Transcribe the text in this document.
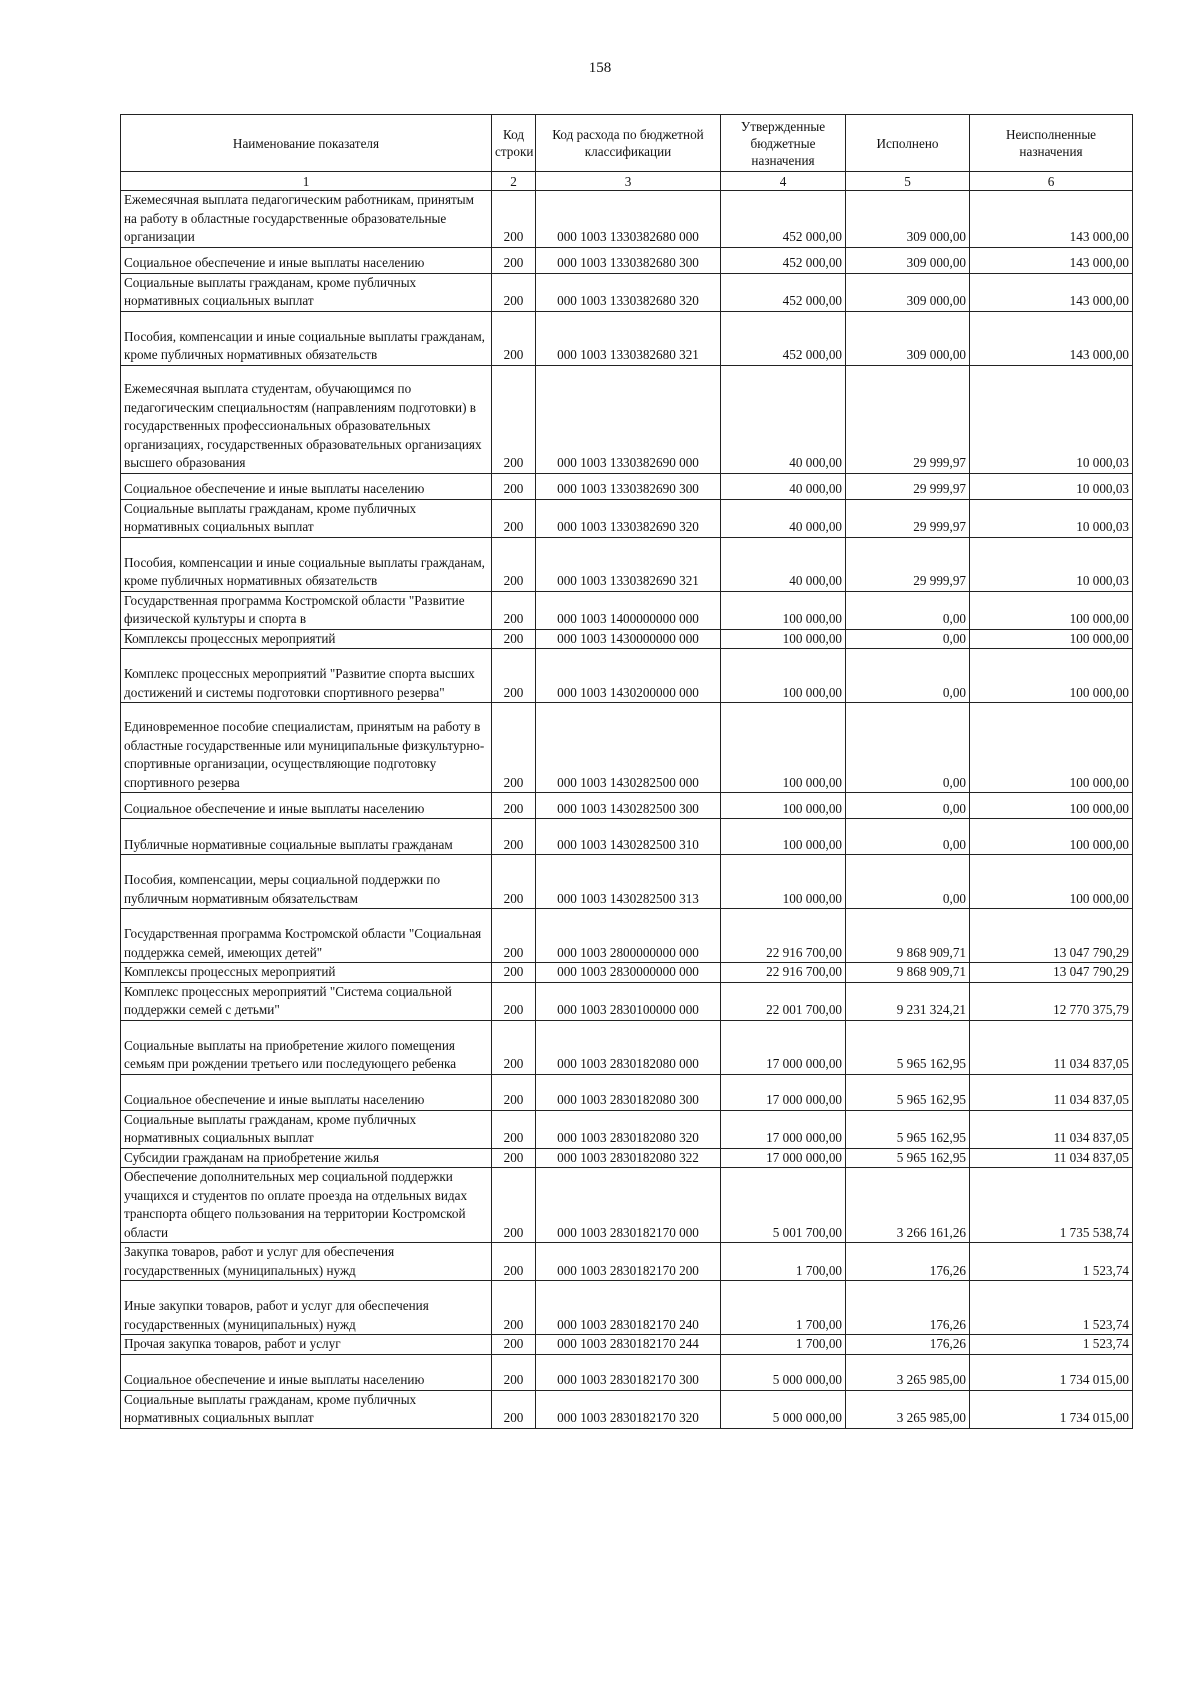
158
Наименование показателя	Код строки	Код расхода по бюджетной классификации	Утвержденные бюджетные назначения	Исполнено	Неисполненные назначения
1	2	3	4	5	6
Ежемесячная выплата педагогическим работникам, принятым на работу в областные государственные образовательные организации	200	000 1003 1330382680 000	452 000,00	309 000,00	143 000,00
Социальное обеспечение и иные выплаты населению	200	000 1003 1330382680 300	452 000,00	309 000,00	143 000,00
Социальные выплаты гражданам, кроме публичных нормативных социальных выплат	200	000 1003 1330382680 320	452 000,00	309 000,00	143 000,00
Пособия, компенсации и иные социальные выплаты гражданам, кроме публичных нормативных обязательств	200	000 1003 1330382680 321	452 000,00	309 000,00	143 000,00
Ежемесячная выплата студентам, обучающимся по педагогическим специальностям (направлениям подготовки) в государственных профессиональных образовательных организациях, государственных образовательных организациях высшего образования	200	000 1003 1330382690 000	40 000,00	29 999,97	10 000,03
Социальное обеспечение и иные выплаты населению	200	000 1003 1330382690 300	40 000,00	29 999,97	10 000,03
Социальные выплаты гражданам, кроме публичных нормативных социальных выплат	200	000 1003 1330382690 320	40 000,00	29 999,97	10 000,03
Пособия, компенсации и иные социальные выплаты гражданам, кроме публичных нормативных обязательств	200	000 1003 1330382690 321	40 000,00	29 999,97	10 000,03
Государственная программа Костромской области "Развитие физической культуры и спорта в	200	000 1003 1400000000 000	100 000,00	0,00	100 000,00
Комплексы процессных мероприятий	200	000 1003 1430000000 000	100 000,00	0,00	100 000,00
Комплекс процессных мероприятий "Развитие спорта высших достижений и системы подготовки спортивного резерва"	200	000 1003 1430200000 000	100 000,00	0,00	100 000,00
Единовременное пособие специалистам, принятым на работу в областные государственные или муниципальные физкультурно-спортивные организации, осуществляющие подготовку спортивного резерва	200	000 1003 1430282500 000	100 000,00	0,00	100 000,00
Социальное обеспечение и иные выплаты населению	200	000 1003 1430282500 300	100 000,00	0,00	100 000,00
Публичные нормативные социальные выплаты гражданам	200	000 1003 1430282500 310	100 000,00	0,00	100 000,00
Пособия, компенсации, меры социальной поддержки по публичным нормативным обязательствам	200	000 1003 1430282500 313	100 000,00	0,00	100 000,00
Государственная программа Костромской области "Социальная поддержка семей, имеющих детей"	200	000 1003 2800000000 000	22 916 700,00	9 868 909,71	13 047 790,29
Комплексы процессных мероприятий	200	000 1003 2830000000 000	22 916 700,00	9 868 909,71	13 047 790,29
Комплекс процессных мероприятий "Система социальной поддержки семей с детьми"	200	000 1003 2830100000 000	22 001 700,00	9 231 324,21	12 770 375,79
Социальные выплаты на приобретение жилого помещения семьям при рождении третьего или последующего ребенка	200	000 1003 2830182080 000	17 000 000,00	5 965 162,95	11 034 837,05
Социальное обеспечение и иные выплаты населению	200	000 1003 2830182080 300	17 000 000,00	5 965 162,95	11 034 837,05
Социальные выплаты гражданам, кроме публичных нормативных социальных выплат	200	000 1003 2830182080 320	17 000 000,00	5 965 162,95	11 034 837,05
Субсидии гражданам на приобретение жилья	200	000 1003 2830182080 322	17 000 000,00	5 965 162,95	11 034 837,05
Обеспечение дополнительных мер социальной поддержки учащихся и студентов по оплате проезда на отдельных видах транспорта общего пользования на территории Костромской области	200	000 1003 2830182170 000	5 001 700,00	3 266 161,26	1 735 538,74
Закупка товаров, работ и услуг для обеспечения государственных (муниципальных) нужд	200	000 1003 2830182170 200	1 700,00	176,26	1 523,74
Иные закупки товаров, работ и услуг для обеспечения государственных (муниципальных) нужд	200	000 1003 2830182170 240	1 700,00	176,26	1 523,74
Прочая закупка товаров, работ и услуг	200	000 1003 2830182170 244	1 700,00	176,26	1 523,74
Социальное обеспечение и иные выплаты населению	200	000 1003 2830182170 300	5 000 000,00	3 265 985,00	1 734 015,00
Социальные выплаты гражданам, кроме публичных нормативных социальных выплат	200	000 1003 2830182170 320	5 000 000,00	3 265 985,00	1 734 015,00
